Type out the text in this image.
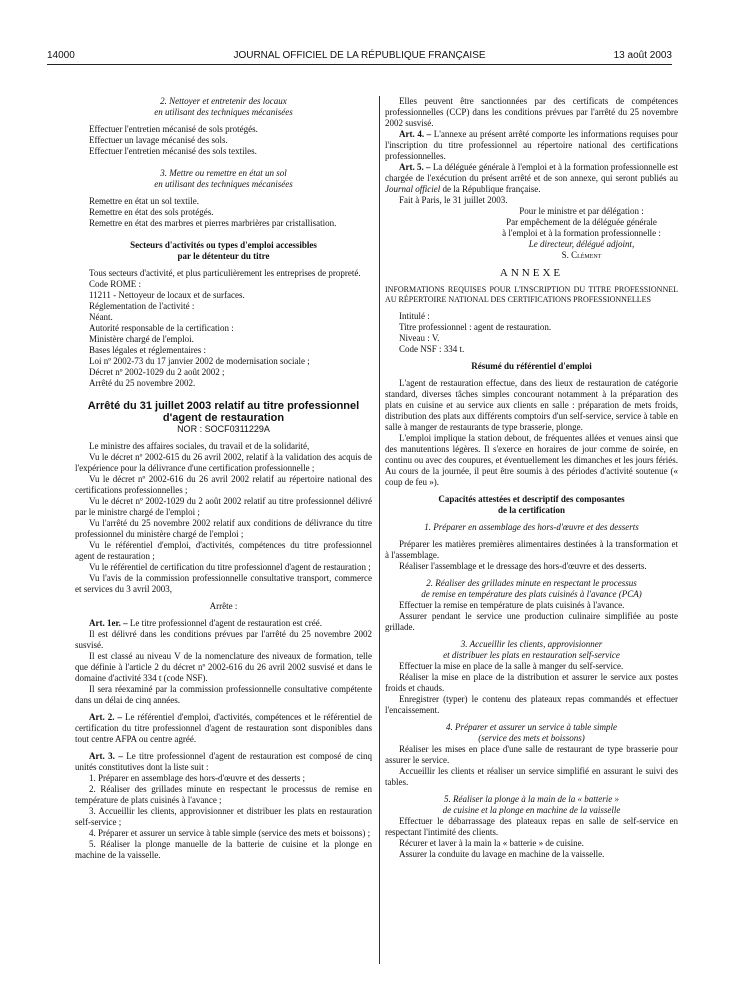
14000	JOURNAL OFFICIEL DE LA RÉPUBLIQUE FRANÇAISE	13 août 2003

2. Nettoyer et entretenir des locaux

en utilisant des techniques mécanisées

Effectuer l'entretien mécanisé de sols protégés.

Effectuer un lavage mécanisé des sols.

Effectuer l'entretien mécanisé des sols textiles.

3. Mettre ou remettre en état un sol

en utilisant des techniques mécanisées

Remettre en état un sol textile.

Remettre en état des sols protégés.

Remettre en état des marbres et pierres marbrières par cristallisation.

Secteurs d'activités ou types d'emploi accessibles

par le détenteur du titre

Tous secteurs d'activité, et plus particulièrement les entreprises de propreté.

Code ROME :

11211 - Nettoyeur de locaux et de surfaces.

Réglementation de l'activité :

Néant.

Autorité responsable de la certification :

Ministère chargé de l'emploi.

Bases légales et réglementaires :

Loi nº 2002-73 du 17 janvier 2002 de modernisation sociale ;

Décret nº 2002-1029 du 2 août 2002 ;

Arrêté du 25 novembre 2002.

Arrêté du 31 juillet 2003 relatif au titre professionnel

d'agent de restauration

NOR : SOCF0311229A

Le ministre des affaires sociales, du travail et de la solidarité,

Vu le décret nº 2002-615 du 26 avril 2002, relatif à la validation des acquis de l'expérience pour la délivrance d'une certification professionnelle ;

Vu le décret nº 2002-616 du 26 avril 2002 relatif au répertoire national des certifications professionnelles ;

Vu le décret nº 2002-1029 du 2 août 2002 relatif au titre professionnel délivré par le ministre chargé de l'emploi ;

Vu l'arrêté du 25 novembre 2002 relatif aux conditions de délivrance du titre professionnel du ministère chargé de l'emploi ;

Vu le référentiel d'emploi, d'activités, compétences du titre professionnel agent de restauration ;

Vu le référentiel de certification du titre professionnel d'agent de restauration ;

Vu l'avis de la commission professionnelle consultative transport, commerce et services du 3 avril 2003,

Arrête :

Art. 1er. – Le titre professionnel d'agent de restauration est créé.

Il est délivré dans les conditions prévues par l'arrêté du 25 novembre 2002 susvisé.

Il est classé au niveau V de la nomenclature des niveaux de formation, telle que définie à l'article 2 du décret nº 2002-616 du 26 avril 2002 susvisé et dans le domaine d'activité 334 t (code NSF).

Il sera réexaminé par la commission professionnelle consultative compétente dans un délai de cinq années.

Art. 2. – Le référentiel d'emploi, d'activités, compétences et le référentiel de certification du titre professionnel d'agent de restauration sont disponibles dans tout centre AFPA ou centre agréé.

Art. 3. – Le titre professionnel d'agent de restauration est composé de cinq unités constitutives dont la liste suit :

1. Préparer en assemblage des hors-d'œuvre et des desserts ;

2. Réaliser des grillades minute en respectant le processus de remise en température de plats cuisinés à l'avance ;

3. Accueillir les clients, approvisionner et distribuer les plats en restauration self-service ;

4. Préparer et assurer un service à table simple (service des mets et boissons) ;

5. Réaliser la plonge manuelle de la batterie de cuisine et la plonge en machine de la vaisselle.

Elles peuvent être sanctionnées par des certificats de compétences professionnelles (CCP) dans les conditions prévues par l'arrêté du 25 novembre 2002 susvisé.

Art. 4. – L'annexe au présent arrêté comporte les informations requises pour l'inscription du titre professionnel au répertoire national des certifications professionnelles.

Art. 5. – La déléguée générale à l'emploi et à la formation professionnelle est chargée de l'exécution du présent arrêté et de son annexe, qui seront publiés au Journal officiel de la République française.

Fait à Paris, le 31 juillet 2003.

Pour le ministre et par délégation :

Par empêchement de la déléguée générale

à l'emploi et à la formation professionnelle :

Le directeur, délégué adjoint,

S. Clément

ANNEXE

INFORMATIONS REQUISES POUR L'INSCRIPTION DU TITRE PROFESSIONNEL AU RÉPERTOIRE NATIONAL DES CERTIFICATIONS PROFESSIONNELLES

Intitulé :

Titre professionnel : agent de restauration.

Niveau : V.

Code NSF : 334 t.

Résumé du référentiel d'emploi

L'agent de restauration effectue, dans des lieux de restauration de catégorie standard, diverses tâches simples concourant notamment à la préparation des plats en cuisine et au service aux clients en salle : préparation de mets froids, distribution des plats aux différents comptoirs d'un self-service, service à table en salle à manger de restaurants de type brasserie, plonge.

L'emploi implique la station debout, de fréquentes allées et venues ainsi que des manutentions légères. Il s'exerce en horaires de jour comme de soirée, en continu ou avec des coupures, et éventuellement les dimanches et les jours fériés. Au cours de la journée, il peut être soumis à des périodes d'activité soutenue (« coup de feu »).

Capacités attestées et descriptif des composantes

de la certification

1. Préparer en assemblage des hors-d'œuvre et des desserts

Préparer les matières premières alimentaires destinées à la transformation et à l'assemblage.

Réaliser l'assemblage et le dressage des hors-d'œuvre et des desserts.

2. Réaliser des grillades minute en respectant le processus

de remise en température des plats cuisinés à l'avance (PCA)

Effectuer la remise en température de plats cuisinés à l'avance.

Assurer pendant le service une production culinaire simplifiée au poste grillade.

3. Accueillir les clients, approvisionner

et distribuer les plats en restauration self-service

Effectuer la mise en place de la salle à manger du self-service.

Réaliser la mise en place de la distribution et assurer le service aux postes froids et chauds.

Enregistrer (typer) le contenu des plateaux repas commandés et effectuer l'encaissement.

4. Préparer et assurer un service à table simple

(service des mets et boissons)

Réaliser les mises en place d'une salle de restaurant de type brasserie pour assurer le service.

Accueillir les clients et réaliser un service simplifié en assurant le suivi des tables.

5. Réaliser la plonge à la main de la « batterie »

de cuisine et la plonge en machine de la vaisselle

Effectuer le débarrassage des plateaux repas en salle de self-service en respectant l'intimité des clients.

Récurer et laver à la main la « batterie » de cuisine.

Assurer la conduite du lavage en machine de la vaisselle.
